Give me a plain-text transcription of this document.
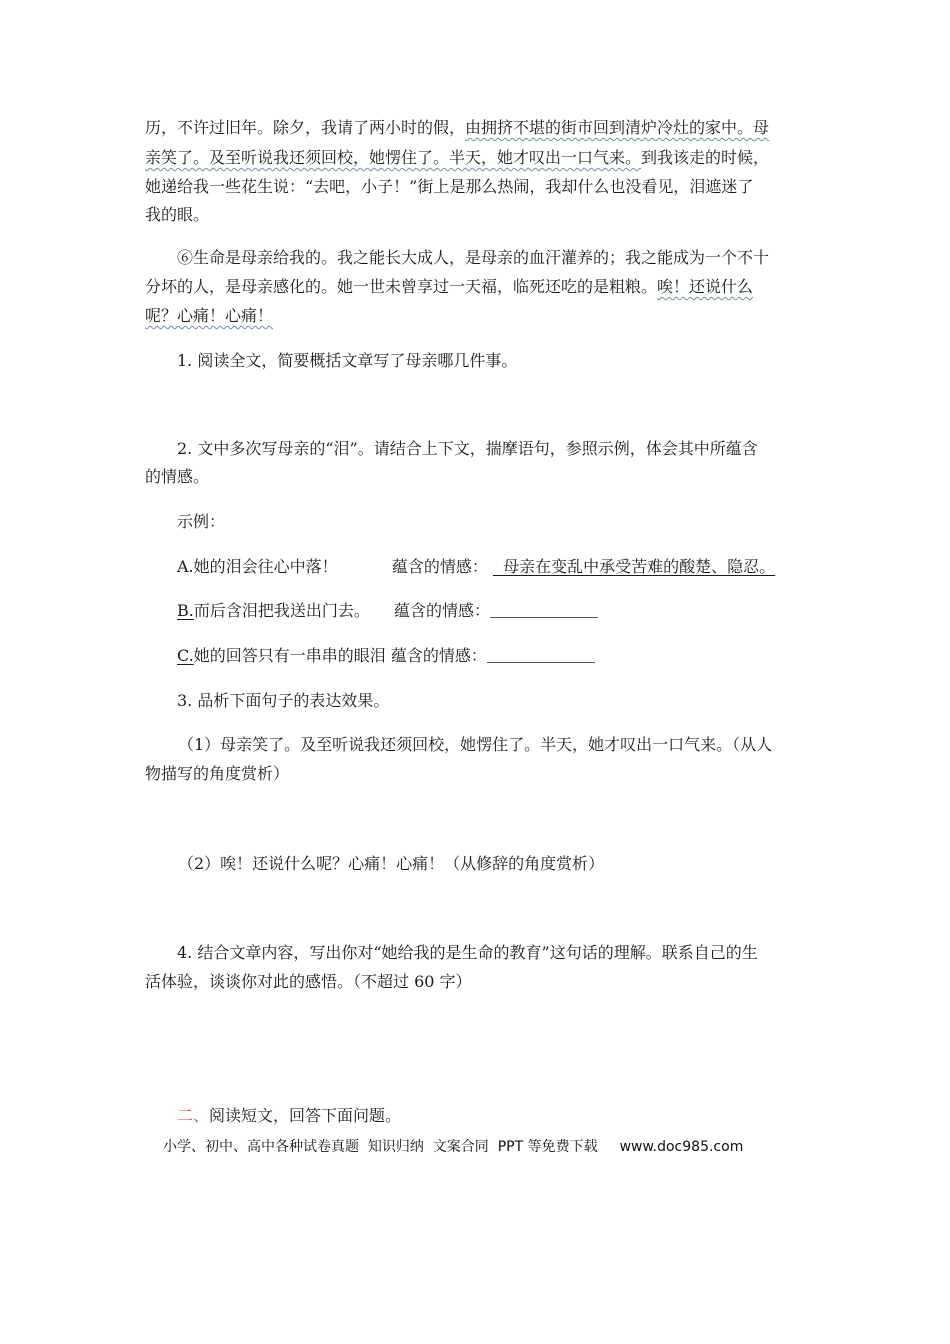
历，不许过旧年。除夕，我请了两小时的假，由拥挤不堪的街市回到清炉冷灶的家中。母
亲笑了。及至听说我还须回校，她愣住了。半天，她才叹出一口气来。到我该走的时候，
她递给我一些花生说：“去吧，小子！”街上是那么热闹，我却什么也没看见，泪遮迷了
我的眼。
⑥生命是母亲给我的。我之能长大成人，是母亲的血汗灌养的；我之能成为一个不十
分坏的人，是母亲感化的。她一世未曾享过一天福，临死还吃的是粗粮。唉！还说什么
呢？心痛！心痛！
1. 阅读全文，简要概括文章写了母亲哪几件事。
2. 文中多次写母亲的“泪”。请结合上下文，揣摩语句，参照示例，体会其中所蕴含
的情感。
示例：
A.她的泪会往心中落！	蕴含的情感：   母亲在变乱中承受苦难的酸楚、隐忍。
B.而后含泪把我送出门去。 蕴含的情感：
C.她的回答只有一串串的眼泪 蕴含的情感：
3. 品析下面句子的表达效果。
（1）母亲笑了。及至听说我还须回校，她愣住了。半天，她才叹出一口气来。（从人
物描写的角度赏析）
（2）唉！还说什么呢？心痛！心痛！（从修辞的角度赏析）
4. 结合文章内容，写出你对“她给我的是生命的教育”这句话的理解。联系自己的生
活体验，谈谈你对此的感悟。（不超过 60 字）
二、阅读短文，回答下面问题。
小学、初中、高中各种试卷真题  知识归纳  文案合同  PPT 等免费下载 www.doc985.com
